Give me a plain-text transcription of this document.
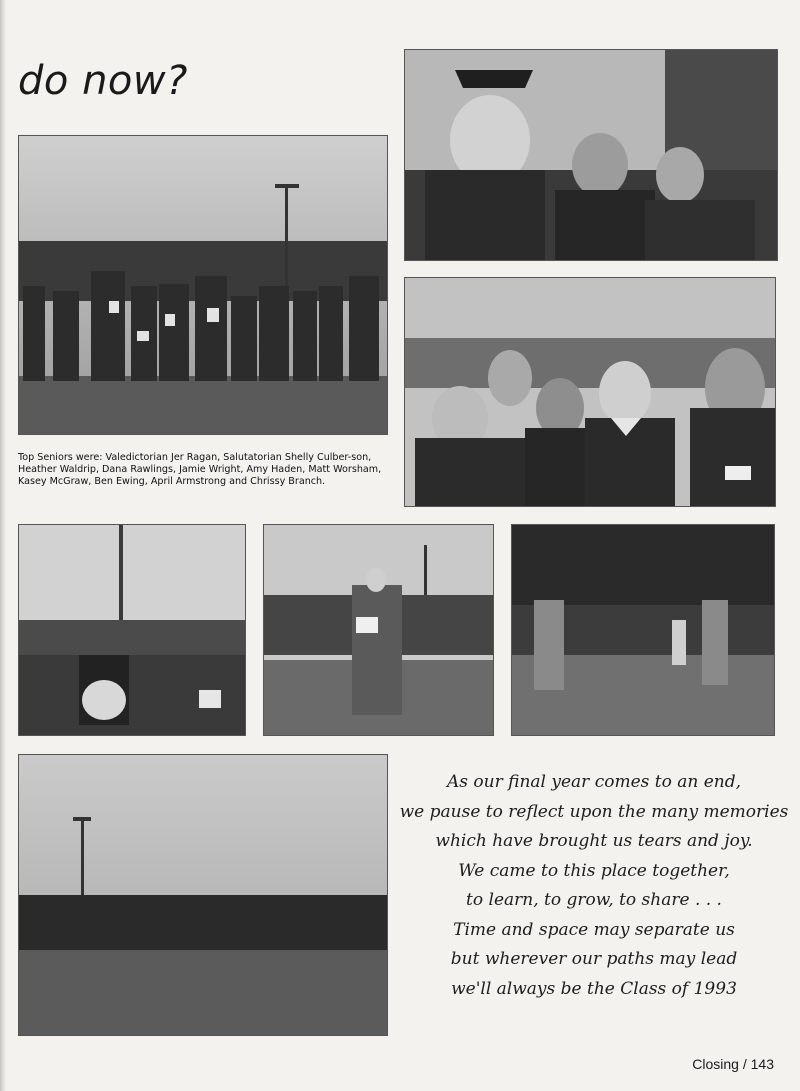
do now?
Top Seniors were: Valedictorian Jer Ragan, Salutatorian Shelly Culber-son, Heather Waldrip, Dana Rawlings, Jamie Wright, Amy Haden, Matt Worsham, Kasey McGraw, Ben Ewing, April Armstrong and Chrissy Branch.
As our final year comes to an end,
we pause to reflect upon the many memories
which have brought us tears and joy.
We came to this place together,
to learn, to grow, to share . . .
Time and space may separate us
but wherever our paths may lead
we'll always be the Class of 1993
Closing / 143
